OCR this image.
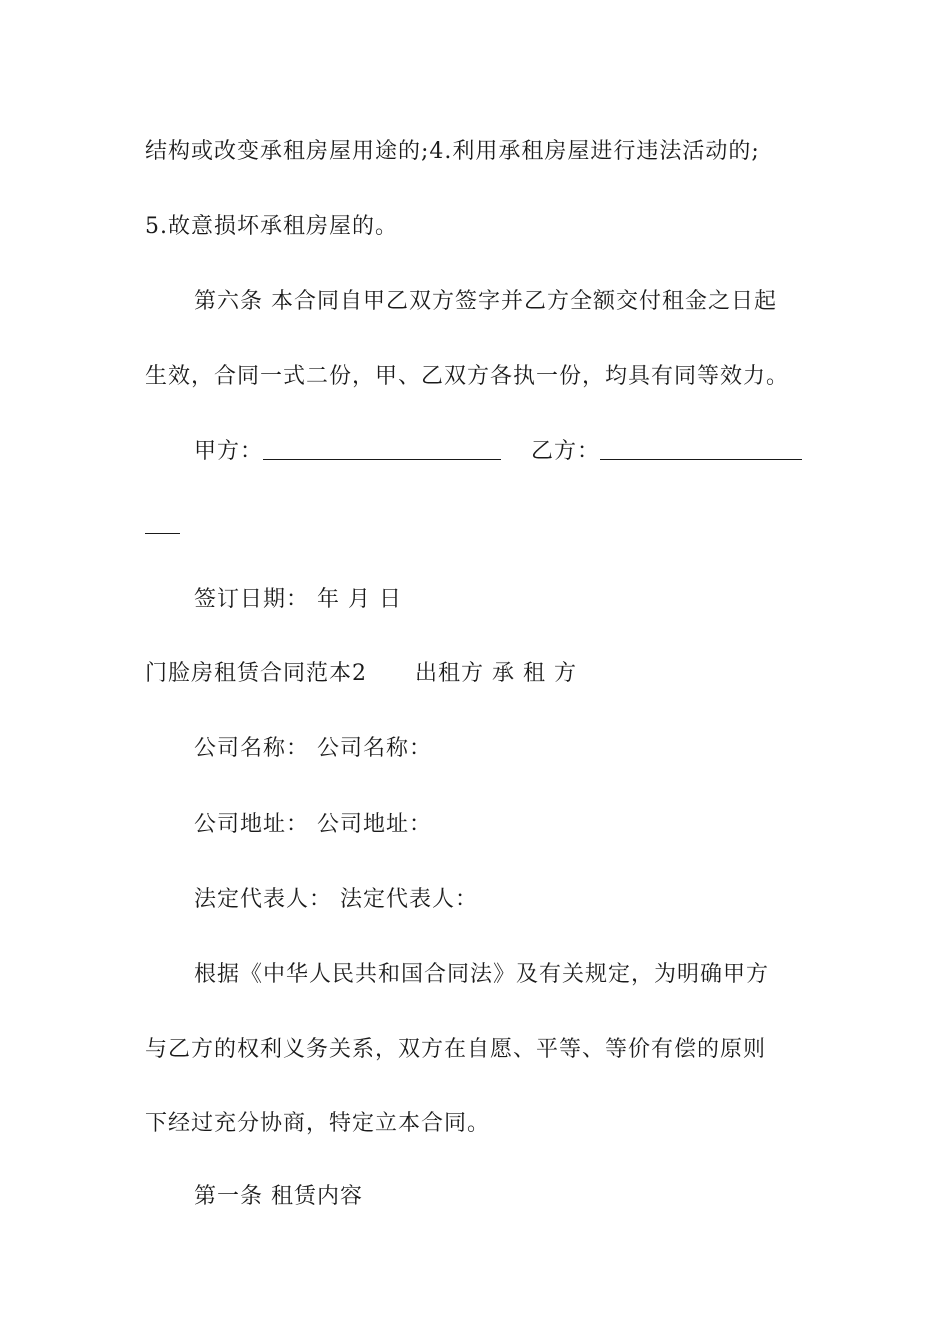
结构或改变承租房屋用途的;4.利用承租房屋进行违法活动的;
5.故意损坏承租房屋的。
第六条 本合同自甲乙双方签字并乙方全额交付租金之日起
生效，合同一式二份，甲、乙双方各执一份，均具有同等效力。
甲方：	乙方：
签订日期： 年 月 日
门脸房租赁合同范本2 出租方 承 租 方
公司名称： 公司名称：
公司地址： 公司地址：
法定代表人： 法定代表人：
根据《中华人民共和国合同法》及有关规定，为明确甲方
与乙方的权利义务关系，双方在自愿、平等、等价有偿的原则
下经过充分协商，特定立本合同。
第一条 租赁内容
